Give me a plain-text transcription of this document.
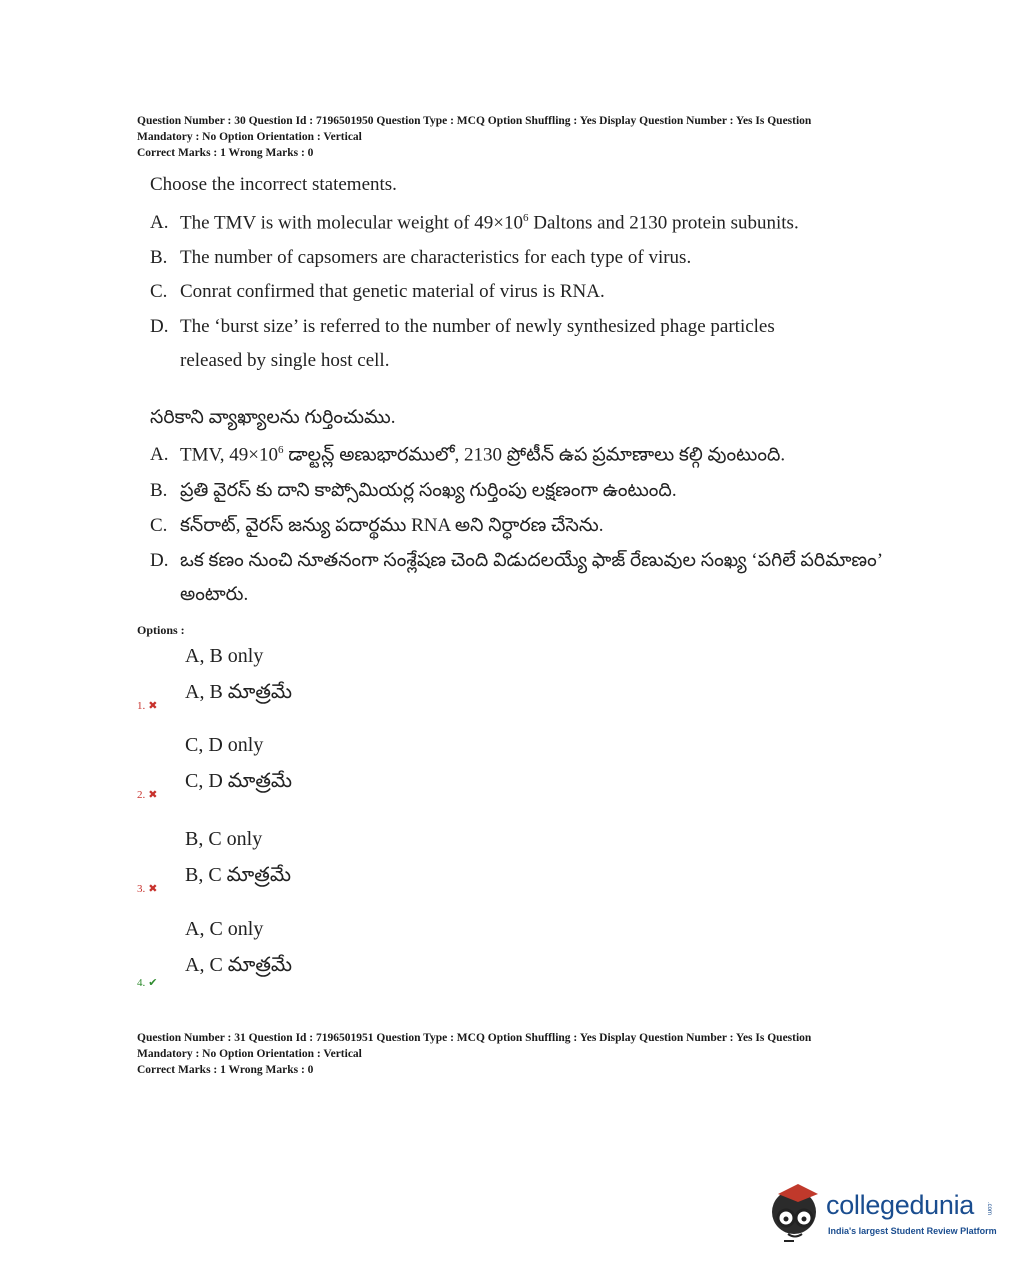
Question Number : 30 Question Id : 7196501950 Question Type : MCQ Option Shuffling : Yes Display Question Number : Yes Is Question

Mandatory : No Option Orientation : Vertical

Correct Marks : 1 Wrong Marks : 0

Choose the incorrect statements.
A. The TMV is with molecular weight of $49\times 10^6$ Daltons and 2130 protein subunits.
B. The number of capsomers are characteristics for each type of virus.
C. Conrat confirmed that genetic material of virus is RNA.
D. The ‘burst size’ is referred to the number of newly synthesized phage particles
released by single host cell.
సరికాని వ్యాఖ్యాలను గుర్తించుము.
A. TMV, $49\times 10^6$ డాల్టన్ల్ అణుభారములో, 2130 ప్రోటీన్ ఉప ప్రమాణాలు కల్గి వుంటుంది.
B. ప్రతి వైరస్ కు దాని కాప్సోమియర్ల సంఖ్య గుర్తింపు లక్షణంగా ఉంటుంది.
C. కన్‌రాట్, వైరస్ జన్యు పదార్థము RNA అని నిర్ధారణ చేసెను.
D. ఒక కణం నుంచి నూతనంగా సంశ్లేషణ చెంది విడుదలయ్యే ఫాజ్ రేణువుల సంఖ్య ‘పగిలే పరిమాణం’
అంటారు.
Options :
A, B only
A, B మాత్రమే
1. ✖
C, D only
C, D మాత్రమే
2. ✖
B, C only
B, C మాత్రమే
3. ✖
A, C only
A, C మాత్రమే
4. ✔

Question Number : 31 Question Id : 7196501951 Question Type : MCQ Option Shuffling : Yes Display Question Number : Yes Is Question

Mandatory : No Option Orientation : Vertical

Correct Marks : 1 Wrong Marks : 0

collegedunia .com
India's largest Student Review Platform
